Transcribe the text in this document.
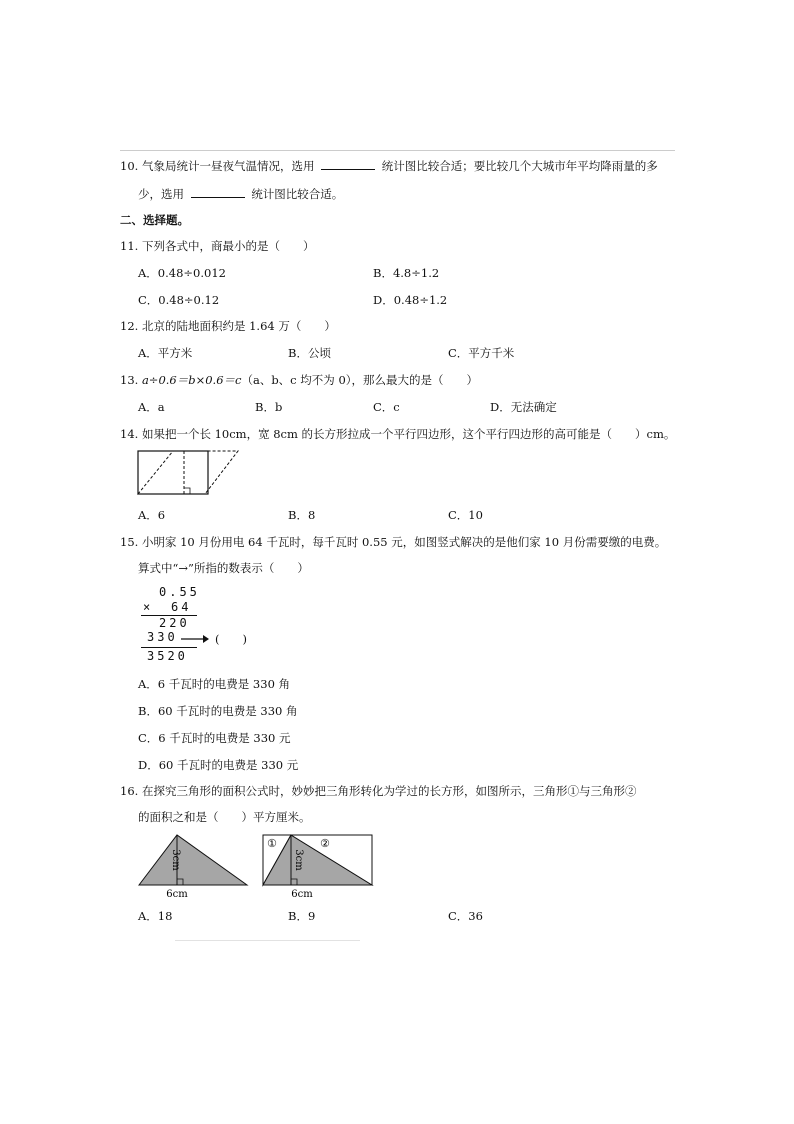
10. 气象局统计一昼夜气温情况，选用	统计图比较合适；要比较几个大城市年平均降雨量的多
少，选用	统计图比较合适。
二、选择题。
11. 下列各式中，商最小的是（　　）
A．0.48÷0.012	B．4.8÷1.2
C．0.48÷0.12	D．0.48÷1.2
12. 北京的陆地面积约是 1.64 万（　　）
A．平方米	B．公顷	C．平方千米
13. a÷0.6＝b×0.6＝c（a、b、c 均不为 0），那么最大的是（　　）
A．a	B．b	C．c	D．无法确定
14. 如果把一个长 10cm，宽 8cm 的长方形拉成一个平行四边形，这个平行四边形的高可能是（　　）cm。
A．6	B．8	C．10
15. 小明家 10 月份用电 64 千瓦时，每千瓦时 0.55 元，如图竖式解决的是他们家 10 月份需要缴的电费。
算式中“→”所指的数表示（　　）
0.55
× 64
220
330	(　　)
3520
A．6 千瓦时的电费是 330 角
B．60 千瓦时的电费是 330 角
C．6 千瓦时的电费是 330 元
D．60 千瓦时的电费是 330 元
16. 在探究三角形的面积公式时，妙妙把三角形转化为学过的长方形，如图所示，三角形①与三角形②
的面积之和是（　　）平方厘米。
3cm
6cm
①	②
3cm
6cm
A．18	B．9	C．36
